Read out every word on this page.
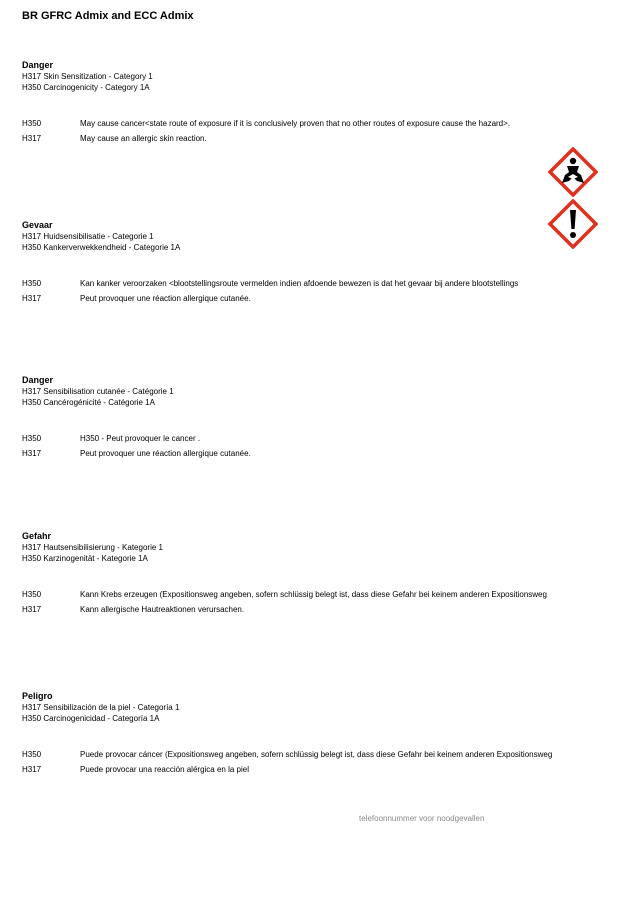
BR GFRC Admix and ECC Admix
Danger
H317 Skin Sensitization - Category 1
H350 Carcinogenicity - Category 1A
H350	May cause cancer<state route of exposure if it is conclusively proven that no other routes of exposure cause the hazard>.
H317	May cause an allergic skin reaction.
Gevaar
H317 Huidsensibilisatie - Categorie 1
H350 Kankerverwekkendheid - Categorie 1A
H350	Kan kanker veroorzaken <blootstellingsroute vermelden indien afdoende bewezen is dat het gevaar bij andere blootstellings
H317	Peut provoquer une réaction allergique cutanée.
Danger
H317 Sensibilisation cutanée - Catégorie 1
H350 Cancérogénicité - Catégorie 1A
H350	H350 - Peut provoquer le cancer .
H317	Peut provoquer une réaction allergique cutanée.
Gefahr
H317 Hautsensibilisierung - Kategorie 1
H350 Karzinogenität - Kategorie 1A
H350	Kann Krebs erzeugen (Expositionsweg angeben, sofern schlüssig belegt ist, dass diese Gefahr bei keinem anderen Expositionsweg
H317	Kann allergische Hautreaktionen verursachen.
Peligro
H317 Sensibilización de la piel - Categoría 1
H350 Carcinogenicidad - Categoría 1A
H350	Puede provocar cáncer (Expositionsweg angeben, sofern schlüssig belegt ist, dass diese Gefahr bei keinem anderen Expositionsweg
H317	Puede provocar una reacción alérgica en la piel
telefoonnummer voor noodgevallen
